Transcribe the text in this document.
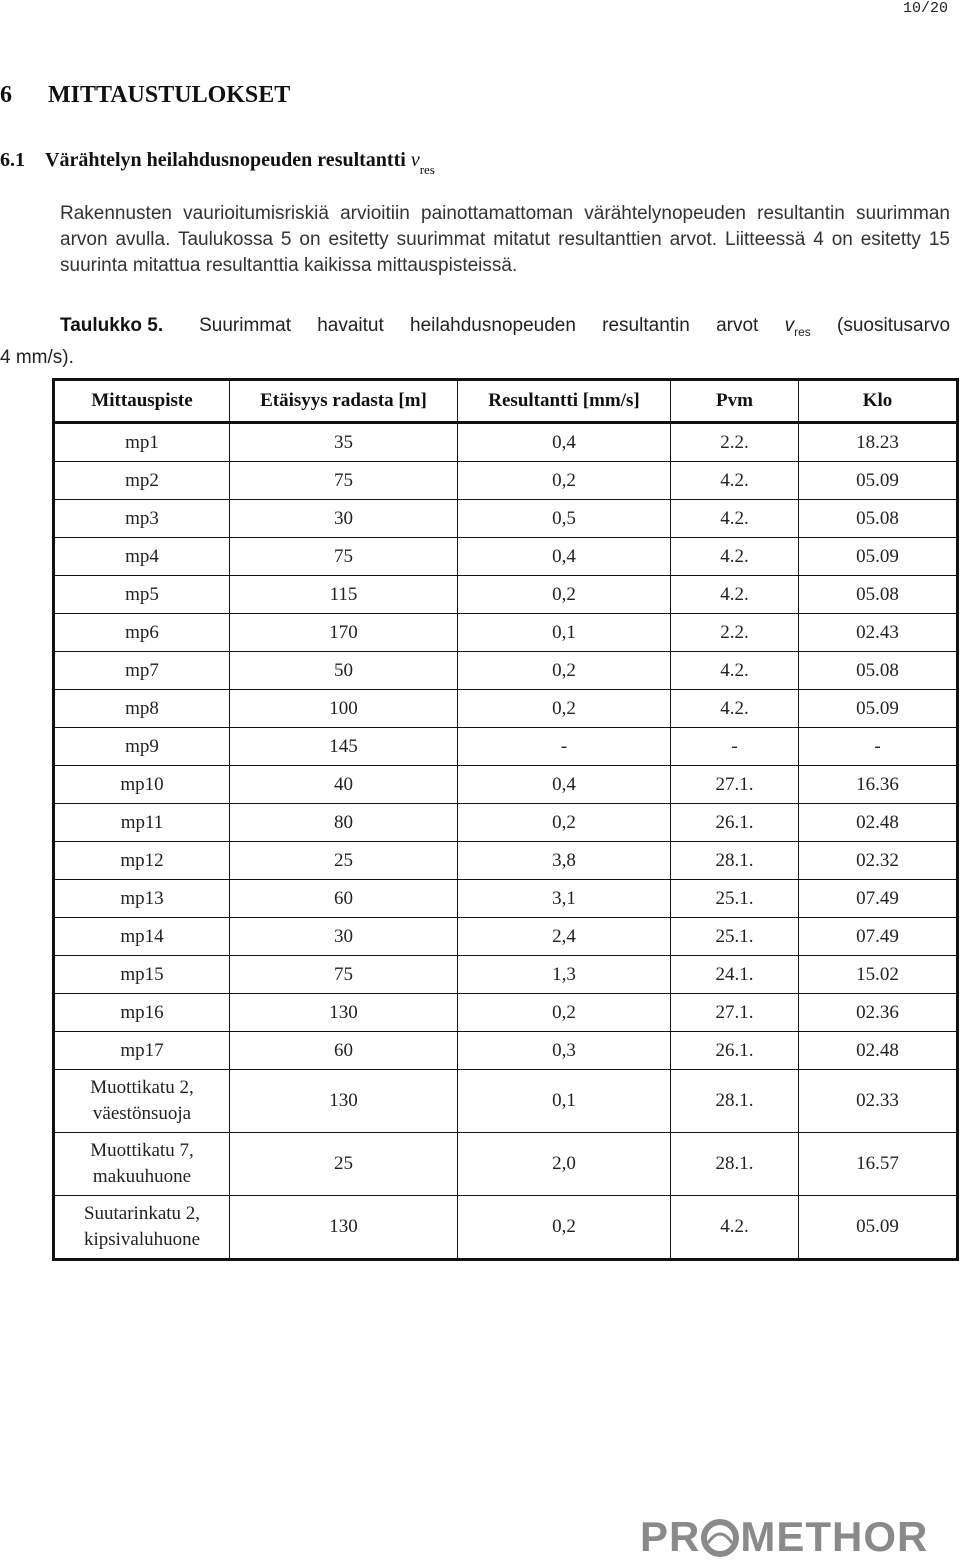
10/20
6 MITTAUSTULOKSET
6.1 Värähtelyn heilahdusnopeuden resultantti $v_{res}$
Rakennusten vaurioitumisriskiä arvioitiin painottamattoman värähtelynopeuden resultantin suurimman arvon avulla. Taulukossa 5 on esitetty suurimmat mitatut resultanttien arvot. Liitteessä 4 on esitetty 15 suurinta mitattua resultanttia kaikissa mittauspisteissä.
Taulukko 5.	Suurimmat havaitut heilahdusnopeuden resultantin arvot $v_{res}$ (suositusarvo
4 mm/s).
Mittauspiste	Etäisyys radasta [m]	Resultantti [mm/s]	Pvm	Klo
mp1	35	0,4	2.2.	18.23
mp2	75	0,2	4.2.	05.09
mp3	30	0,5	4.2.	05.08
mp4	75	0,4	4.2.	05.09
mp5	115	0,2	4.2.	05.08
mp6	170	0,1	2.2.	02.43
mp7	50	0,2	4.2.	05.08
mp8	100	0,2	4.2.	05.09
mp9	145	-	-	-
mp10	40	0,4	27.1.	16.36
mp11	80	0,2	26.1.	02.48
mp12	25	3,8	28.1.	02.32
mp13	60	3,1	25.1.	07.49
mp14	30	2,4	25.1.	07.49
mp15	75	1,3	24.1.	15.02
mp16	130	0,2	27.1.	02.36
mp17	60	0,3	26.1.	02.48

Muottikatu 2,
väestönsuoja	130	0,1	28.1.	02.33

Muottikatu 7,
makuuhuone	25	2,0	28.1.	16.57

Suutarinkatu 2,
kipsivaluhuone	130	0,2	4.2.	05.09
PR METHOR
